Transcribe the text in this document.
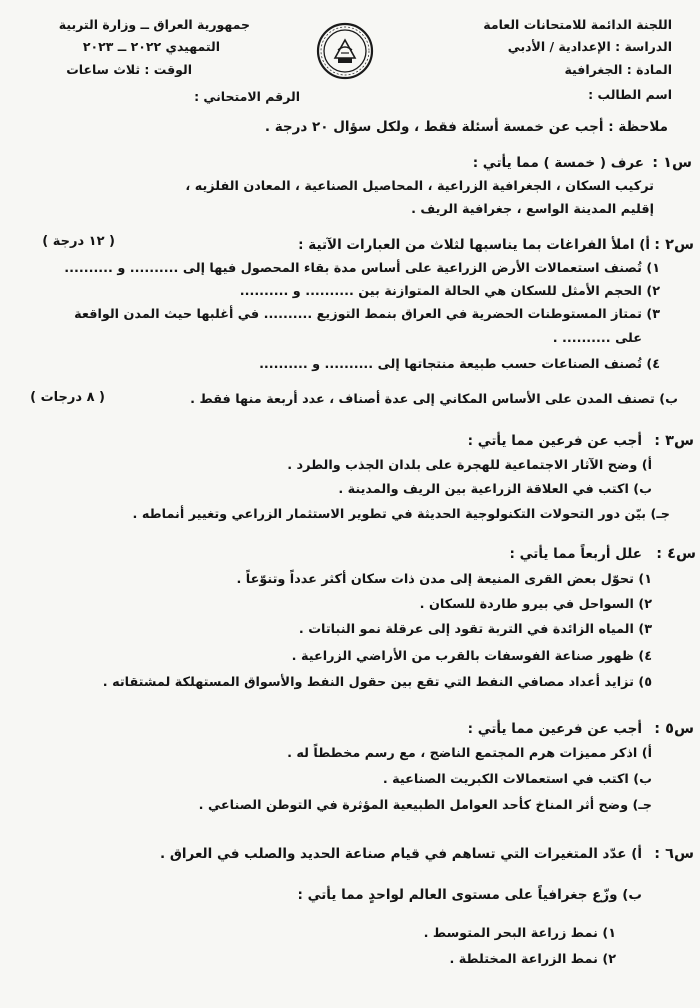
اللجنة الدائمة للامتحانات العامة
الدراسة : الإعدادية / الأدبي
المادة : الجغرافية
اسم الطالب :
جمهورية العراق ــ وزارة التربية
التمهيدي ٢٠٢٢ ــ ٢٠٢٣
الوقت : ثلاث ساعات
الرقم الامتحاني :
ملاحظة : أجب عن خمسة أسئلة فقط ، ولكل سؤال ٢٠ درجة .
س١ :
عرف ( خمسة ) مما يأتي :
تركيب السكان ، الجغرافية الزراعية ، المحاصيل الصناعية ، المعادن الفلزيه ،
إقليم المدينة الواسع ، جغرافية الريف .
س٢ :
أ) املأ الفراغات بما يناسبها لثلاث من العبارات الآتية :
( ١٢ درجة )
١) تُصنف استعمالات الأرض الزراعية على أساس مدة بقاء المحصول فيها إلى .......... و ..........
٢) الحجم الأمثل للسكان هي الحالة المتوازنة بين .......... و ..........
٣) تمتاز المستوطنات الحضرية في العراق بنمط التوزيع .......... في أغلبها حيث المدن الواقعة
على .......... .
٤) تُصنف الصناعات حسب طبيعة منتجاتها إلى .......... و ..........
ب) تصنف المدن على الأساس المكاني إلى عدة أصناف ، عدد أربعة منها فقط .
( ٨ درجات )
س٣ :
أجب عن فرعين مما يأتي :
أ) وضح الآثار الاجتماعية للهجرة على بلدان الجذب والطرد .
ب) اكتب في العلاقة الزراعية بين الريف والمدينة .
جـ) بيّن دور التحولات التكنولوجية الحديثة في تطوير الاستثمار الزراعي وتغيير أنماطه .
س٤ :
علل أربعاً مما يأتي :
١) تحوّل بعض القرى المنيعة إلى مدن ذات سكان أكثر عدداً وتنوّعاً .
٢) السواحل في بيرو طاردة للسكان .
٣) المياه الزائدة في التربة تقود إلى عرقلة نمو النباتات .
٤) ظهور صناعة الفوسفات بالقرب من الأراضي الزراعية .
٥) تزايد أعداد مصافي النفط التي تقع بين حقول النفط والأسواق المستهلكة لمشتقاته .
س٥ :
أجب عن فرعين مما يأتي :
أ) اذكر مميزات هرم المجتمع الناضج ، مع رسم مخططاً له .
ب) اكتب في استعمالات الكبريت الصناعية .
جـ) وضح أثر المناخ كأحد العوامل الطبيعية المؤثرة في التوطن الصناعي .
س٦ :
أ) عدّد المتغيرات التي تساهم في قيام صناعة الحديد والصلب في العراق .
ب) وزّع جغرافياً على مستوى العالم لواحدٍ مما يأتي :
١) نمط زراعة البحر المتوسط .
٢) نمط الزراعة المختلطة .
